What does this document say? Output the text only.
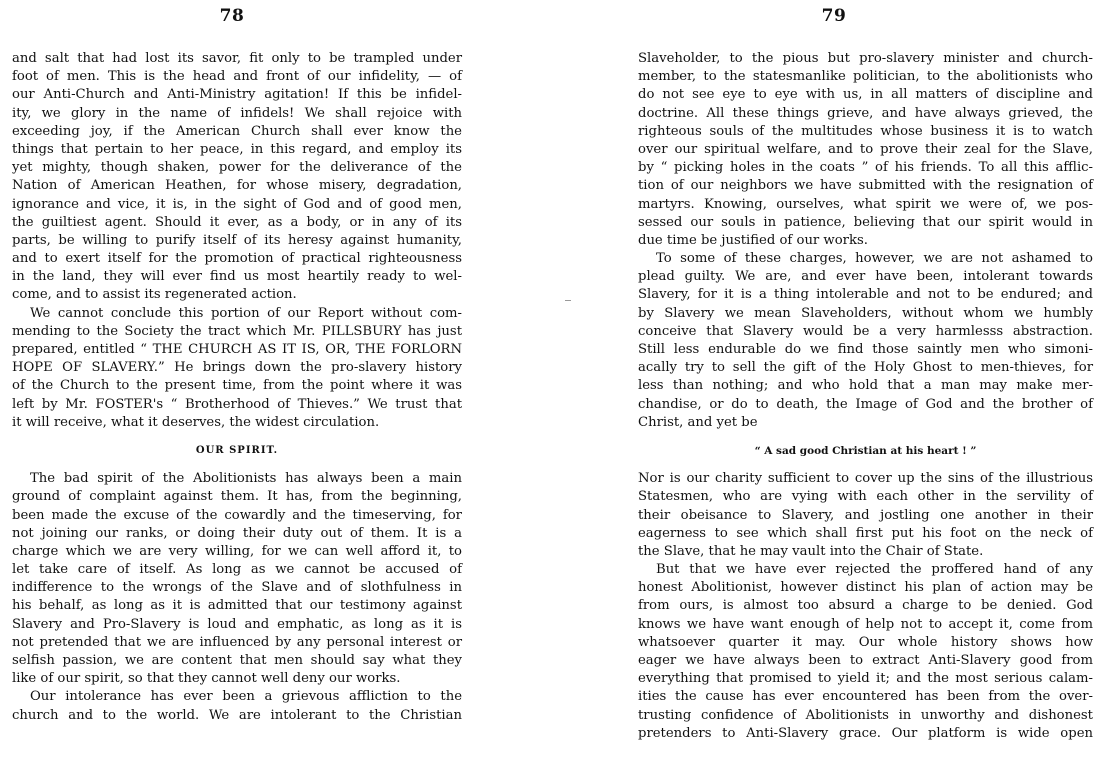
78
and salt that had lost its savor, fit only to be trampled under
foot of men. This is the head and front of our infidelity, — of
our Anti-Church and Anti-Ministry agitation! If this be infidel-
ity, we glory in the name of infidels! We shall rejoice with
exceeding joy, if the American Church shall ever know the
things that pertain to her peace, in this regard, and employ its
yet mighty, though shaken, power for the deliverance of the
Nation of American Heathen, for whose misery, degradation,
ignorance and vice, it is, in the sight of God and of good men,
the guiltiest agent. Should it ever, as a body, or in any of its
parts, be willing to purify itself of its heresy against humanity,
and to exert itself for the promotion of practical righteousness
in the land, they will ever find us most heartily ready to wel-
come, and to assist its regenerated action.
We cannot conclude this portion of our Report without com-
mending to the Society the tract which Mr. PILLSBURY has just
prepared, entitled “ THE CHURCH AS IT IS, OR, THE FORLORN
HOPE OF SLAVERY.” He brings down the pro-slavery history
of the Church to the present time, from the point where it was
left by Mr. FOSTER's “ Brotherhood of Thieves.” We trust that
it will receive, what it deserves, the widest circulation.
OUR SPIRIT.
The bad spirit of the Abolitionists has always been a main
ground of complaint against them. It has, from the beginning,
been made the excuse of the cowardly and the timeserving, for
not joining our ranks, or doing their duty out of them. It is a
charge which we are very willing, for we can well afford it, to
let take care of itself. As long as we cannot be accused of
indifference to the wrongs of the Slave and of slothfulness in
his behalf, as long as it is admitted that our testimony against
Slavery and Pro-Slavery is loud and emphatic, as long as it is
not pretended that we are influenced by any personal interest or
selfish passion, we are content that men should say what they
like of our spirit, so that they cannot well deny our works.
Our intolerance has ever been a grievous affliction to the
church and to the world. We are intolerant to the Christian
79
Slaveholder, to the pious but pro-slavery minister and church-
member, to the statesmanlike politician, to the abolitionists who
do not see eye to eye with us, in all matters of discipline and
doctrine. All these things grieve, and have always grieved, the
righteous souls of the multitudes whose business it is to watch
over our spiritual welfare, and to prove their zeal for the Slave,
by “ picking holes in the coats ” of his friends. To all this afflic-
tion of our neighbors we have submitted with the resignation of
martyrs. Knowing, ourselves, what spirit we were of, we pos-
sessed our souls in patience, believing that our spirit would in
due time be justified of our works.
To some of these charges, however, we are not ashamed to
plead guilty. We are, and ever have been, intolerant towards
Slavery, for it is a thing intolerable and not to be endured; and
by Slavery we mean Slaveholders, without whom we humbly
conceive that Slavery would be a very harmlesss abstraction.
Still less endurable do we find those saintly men who simoni-
acally try to sell the gift of the Holy Ghost to men-thieves, for
less than nothing; and who hold that a man may make mer-
chandise, or do to death, the Image of God and the brother of
Christ, and yet be
“ A sad good Christian at his heart ! ”
Nor is our charity sufficient to cover up the sins of the illustrious
Statesmen, who are vying with each other in the servility of
their obeisance to Slavery, and jostling one another in their
eagerness to see which shall first put his foot on the neck of
the Slave, that he may vault into the Chair of State.
But that we have ever rejected the proffered hand of any
honest Abolitionist, however distinct his plan of action may be
from ours, is almost too absurd a charge to be denied. God
knows we have want enough of help not to accept it, come from
whatsoever quarter it may. Our whole history shows how
eager we have always been to extract Anti-Slavery good from
everything that promised to yield it; and the most serious calam-
ities the cause has ever encountered has been from the over-
trusting confidence of Abolitionists in unworthy and dishonest
pretenders to Anti-Slavery grace. Our platform is wide open
